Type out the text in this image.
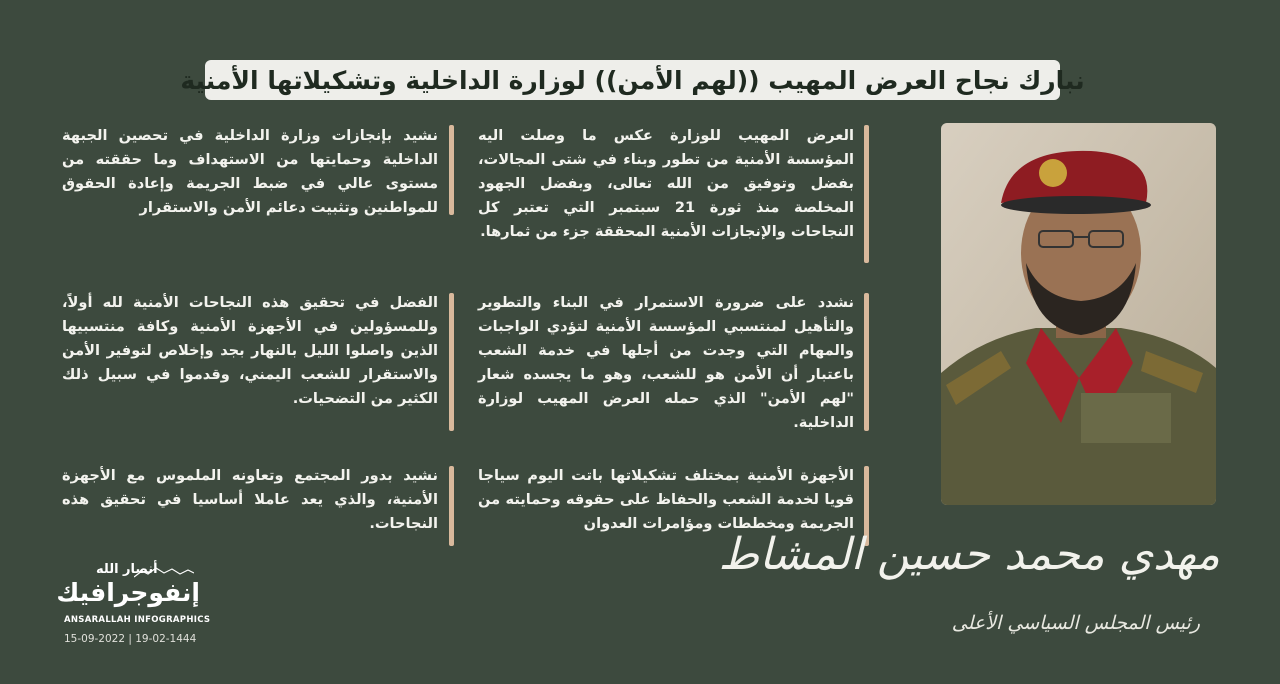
نبارك نجاح العرض المهيب ((لهم الأمن)) لوزارة الداخلية وتشكيلاتها الأمنية
العرض المهيب للوزارة عكس ما وصلت اليه المؤسسة الأمنية من تطور وبناء في شتى المجالات، بفضل وتوفيق من الله تعالى، وبفضل الجهود المخلصة منذ ثورة 21 سبتمبر التي تعتبر كل النجاحات والإنجازات الأمنية المحققة جزء من ثمارها.
نشدد على ضرورة الاستمرار في البناء والتطوير والتأهيل لمنتسبي المؤسسة الأمنية لتؤدي الواجبات والمهام التي وجدت من أجلها في خدمة الشعب باعتبار أن الأمن هو للشعب، وهو ما يجسده شعار "لهم الأمن" الذي حمله العرض المهيب لوزارة الداخلية.
الأجهزة الأمنية بمختلف تشكيلاتها باتت اليوم سياجا قويا لخدمة الشعب والحفاظ على حقوقه وحمايته من الجريمة ومخططات ومؤامرات العدوان
نشيد بإنجازات وزارة الداخلية في تحصين الجبهة الداخلية وحمايتها من الاستهداف وما حققته من مستوى عالي في ضبط الجريمة وإعادة الحقوق للمواطنين وتثبيت دعائم الأمن والاستقرار
الفضل في تحقيق هذه النجاحات الأمنية لله أولاً، وللمسؤولين في الأجهزة الأمنية وكافة منتسبيها الذين واصلوا الليل بالنهار بجد وإخلاص لتوفير الأمن والاستقرار للشعب اليمني، وقدموا في سبيل ذلك الكثير من التضحيات.
نشيد بدور المجتمع وتعاونه الملموس مع الأجهزة الأمنية، والذي يعد عاملا أساسيا في تحقيق هذه النجاحات.
مهدي محمد حسين المشاط
رئيس المجلس السياسي الأعلى
أنصار الله
إنفوجرافيك
ANSARALLAH INFOGRAPHICS
15-09-2022 | 19-02-1444
